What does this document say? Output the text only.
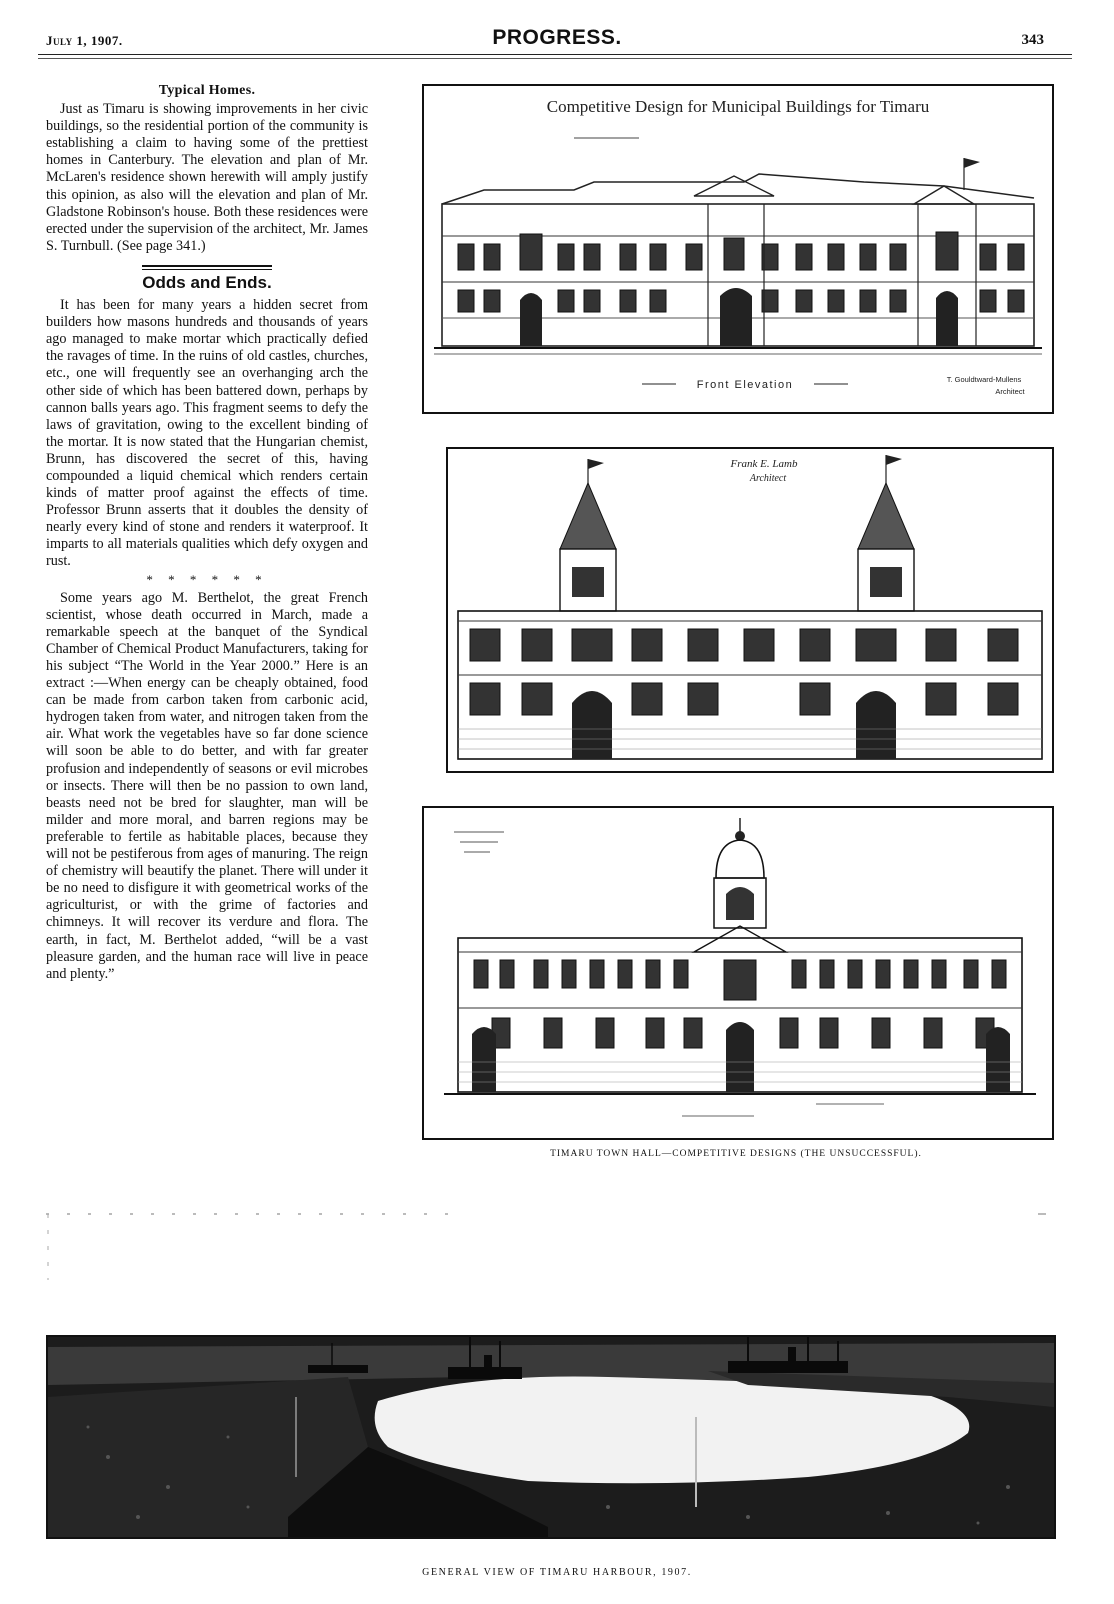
July 1, 1907.	PROGRESS.	343
Typical Homes.

Just as Timaru is showing improvements in her civic buildings, so the residential portion of the community is establishing a claim to having some of the prettiest homes in Canterbury. The elevation and plan of Mr. McLaren's residence shown herewith will amply justify this opinion, as also will the elevation and plan of Mr. Gladstone Robinson's house. Both these residences were erected under the supervision of the architect, Mr. James S. Turnbull. (See page 341.)

Odds and Ends.

It has been for many years a hidden secret from builders how masons hundreds and thousands of years ago managed to make mortar which practically defied the ravages of time. In the ruins of old castles, churches, etc., one will frequently see an overhanging arch the other side of which has been battered down, perhaps by cannon balls years ago. This fragment seems to defy the laws of gravitation, owing to the excellent binding of the mortar. It is now stated that the Hungarian chemist, Brunn, has discovered the secret of this, having compounded a liquid chemical which renders certain kinds of matter proof against the effects of time. Professor Brunn asserts that it doubles the density of nearly every kind of stone and renders it waterproof. It imparts to all materials qualities which defy oxygen and rust.

* * * * * *

Some years ago M. Berthelot, the great French scientist, whose death occurred in March, made a remarkable speech at the banquet of the Syndical Chamber of Chemical Product Manufacturers, taking for his subject “The World in the Year 2000.” Here is an extract :—When energy can be cheaply obtained, food can be made from carbon taken from carbonic acid, hydrogen taken from water, and nitrogen taken from the air. What work the vegetables have so far done science will soon be able to do better, and with far greater profusion and independently of seasons or evil microbes or insects. There will then be no passion to own land, beasts need not be bred for slaughter, man will be milder and more moral, and barren regions may be preferable to fertile as habitable places, because they will not be pestiferous from ages of manuring. The reign of chemistry will beautify the planet. There will under it be no need to disfigure it with geometrical works of the agriculturist, or with the grime of factories and chimneys. It will recover its verdure and flora. The earth, in fact, M. Berthelot added, “will be a vast pleasure garden, and the human race will live in peace and plenty.”

Competitive Design for Municipal Buildings for Timaru
Front Elevation	T. Gouldtward-Mullens
Architect
Frank E. Lamb
Architect
TIMARU TOWN HALL—COMPETITIVE DESIGNS (THE UNSUCCESSFUL).
GENERAL VIEW OF TIMARU HARBOUR, 1907.
